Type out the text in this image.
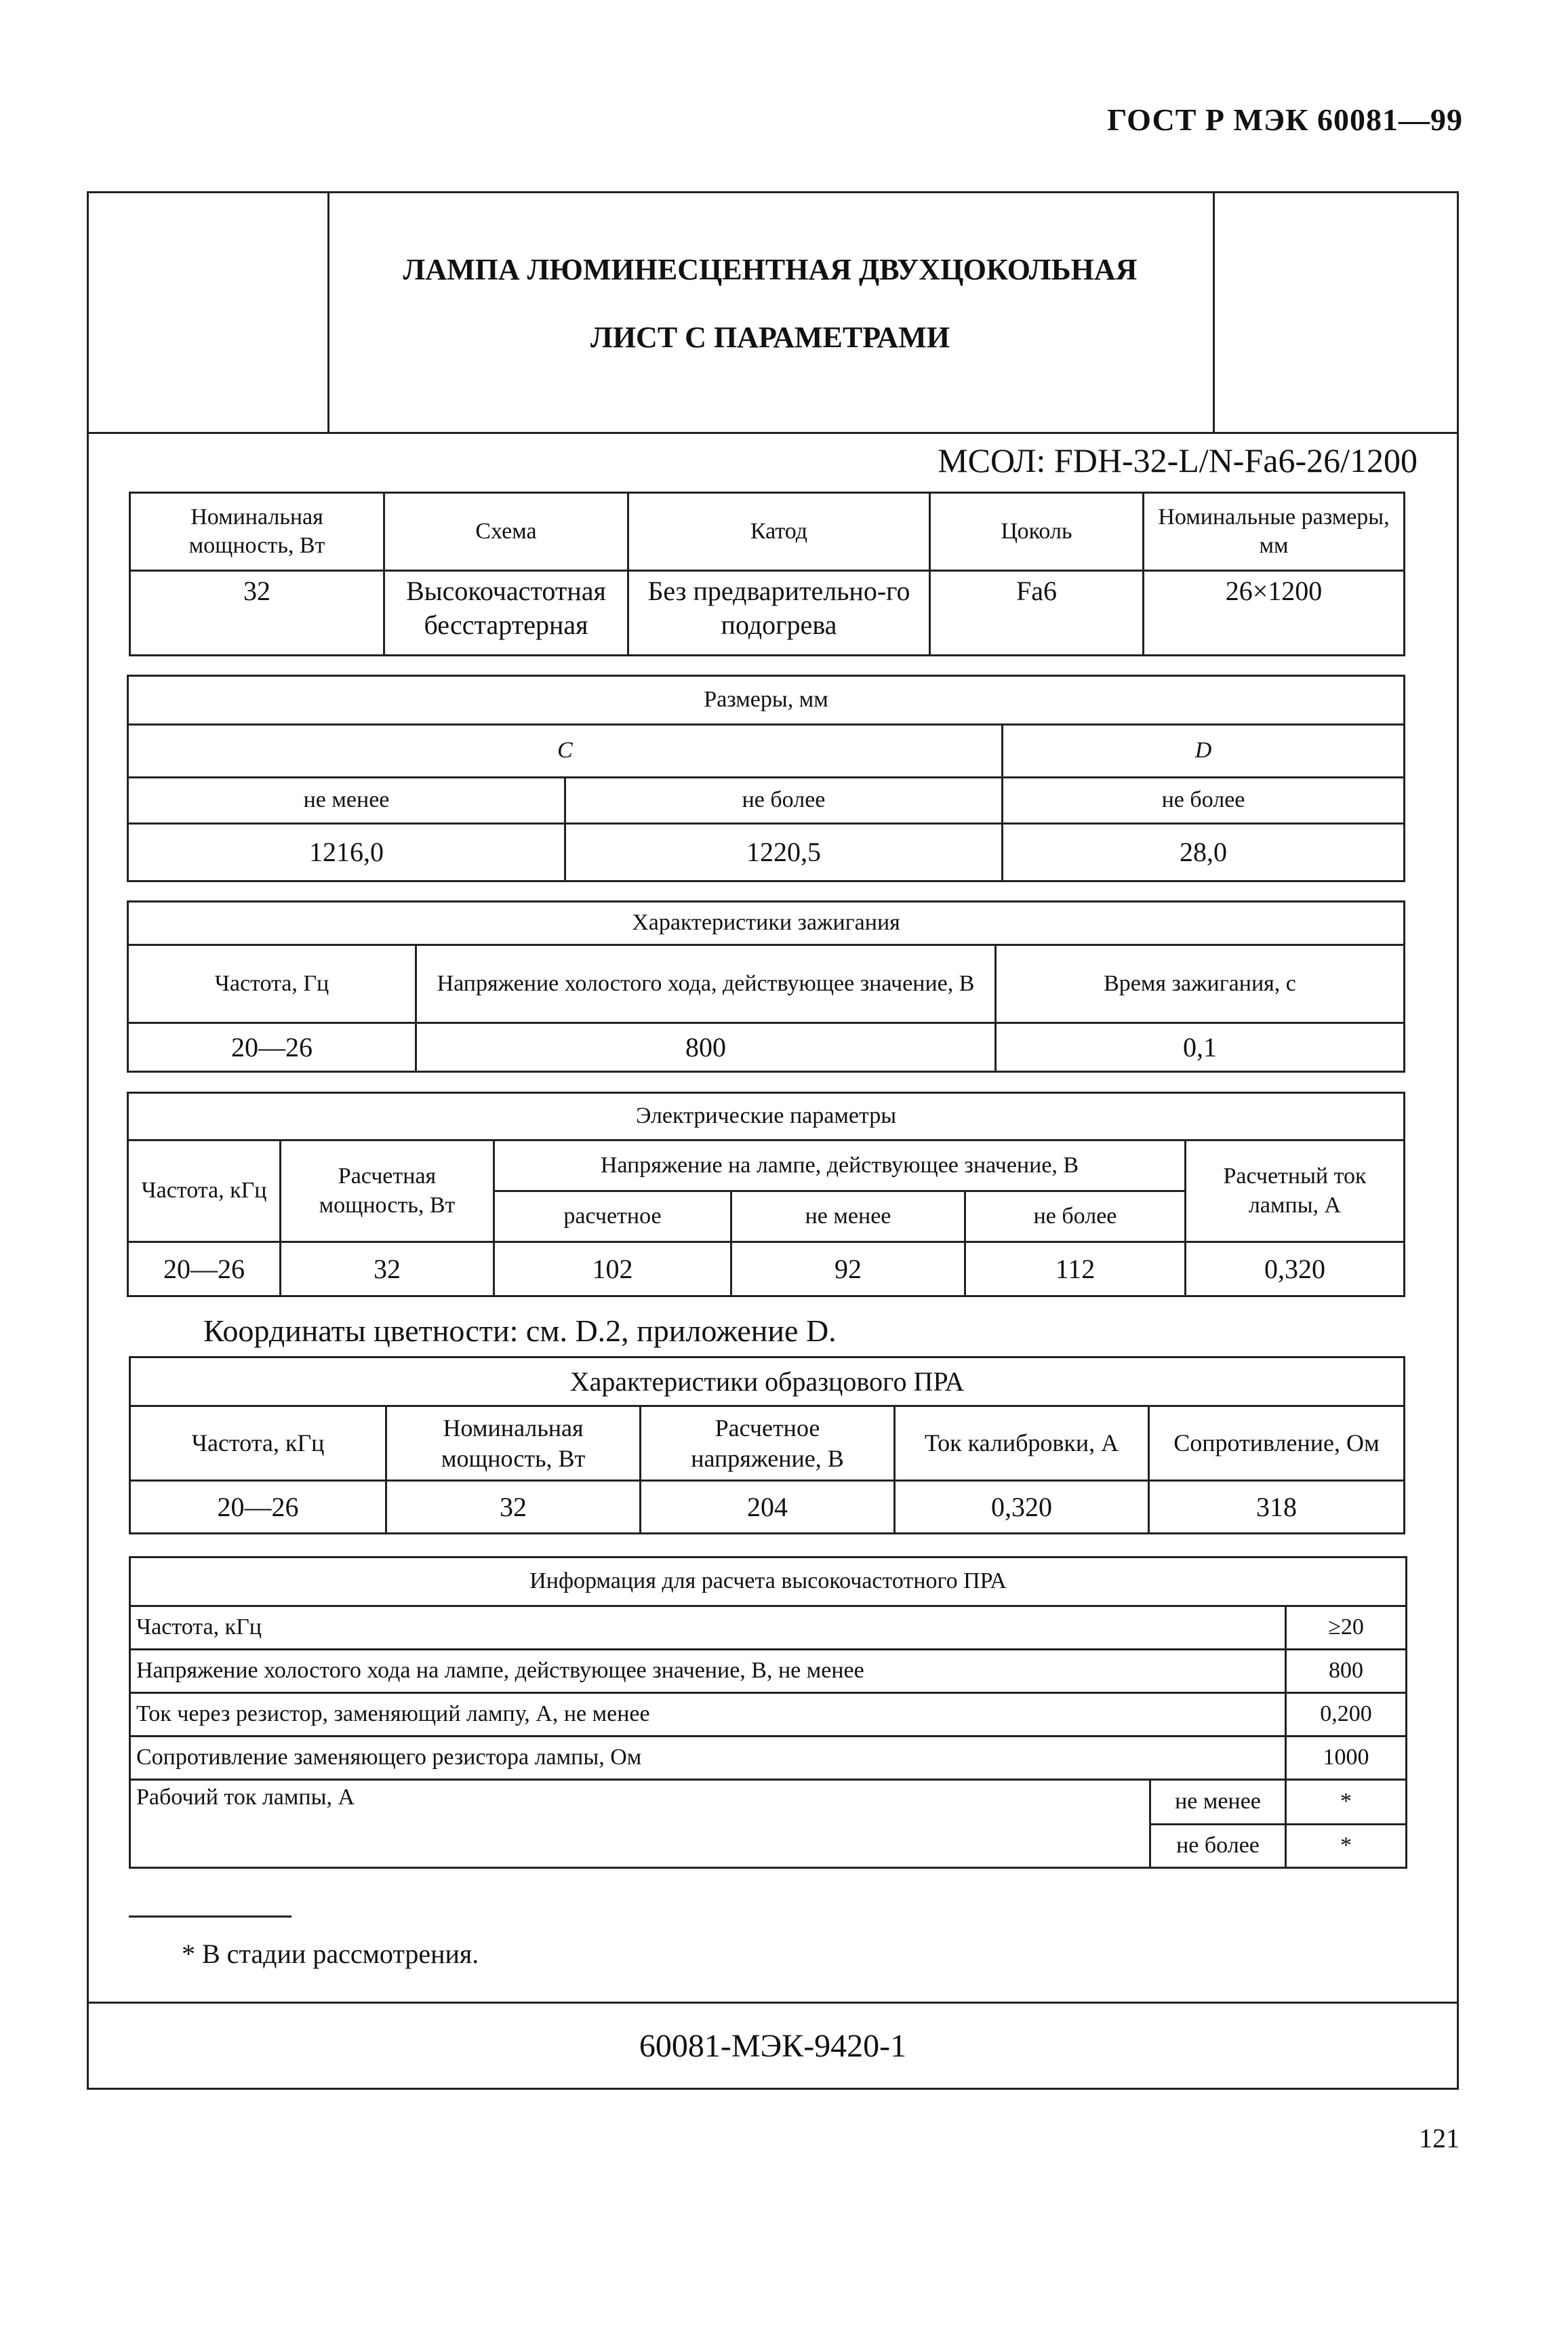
ГОСТ Р МЭК 60081—99
ЛАМПА ЛЮМИНЕСЦЕНТНАЯ ДВУХЦОКОЛЬНАЯ
ЛИСТ С ПАРАМЕТРАМИ
МСОЛ: FDH-32-L/N-Fa6-26/1200
Номинальная мощность, Вт	Схема	Катод	Цоколь	Номинальные размеры, мм
32	Высокочастотная бесстартерная	Без предварительно-го подогрева	Fa6	26×1200
Размеры, мм		
C		D
не менее	не более	не более
1216,0	1220,5	28,0
Характеристики зажигания		
Частота, Гц	Напряжение холостого хода, действующее значение, В	Время зажигания, с
20—26	800	0,1
Электрические параметры					
Частота, кГц	Расчетная мощность, Вт	Напряжение на лампе, действующее значение, В			Расчетный ток лампы, А
		расчетное	не менее	не более	
20—26	32	102	92	112	0,320
Координаты цветности: см. D.2, приложение D.
Характеристики образцового ПРА				
Частота, кГц	Номинальная мощность, Вт	Расчетное напряжение, В	Ток калибровки, А	Сопротивление, Ом
20—26	32	204	0,320	318
Информация для расчета высокочастотного ПРА		
Частота, кГц		≥20
Напряжение холостого хода на лампе, действующее значение, В, не менее		800
Ток через резистор, заменяющий лампу, А, не менее		0,200
Сопротивление заменяющего резистора лампы, Ом		1000
Рабочий ток лампы, А	не менее	*
	не более	*
* В стадии рассмотрения.
60081-МЭК-9420-1
121
